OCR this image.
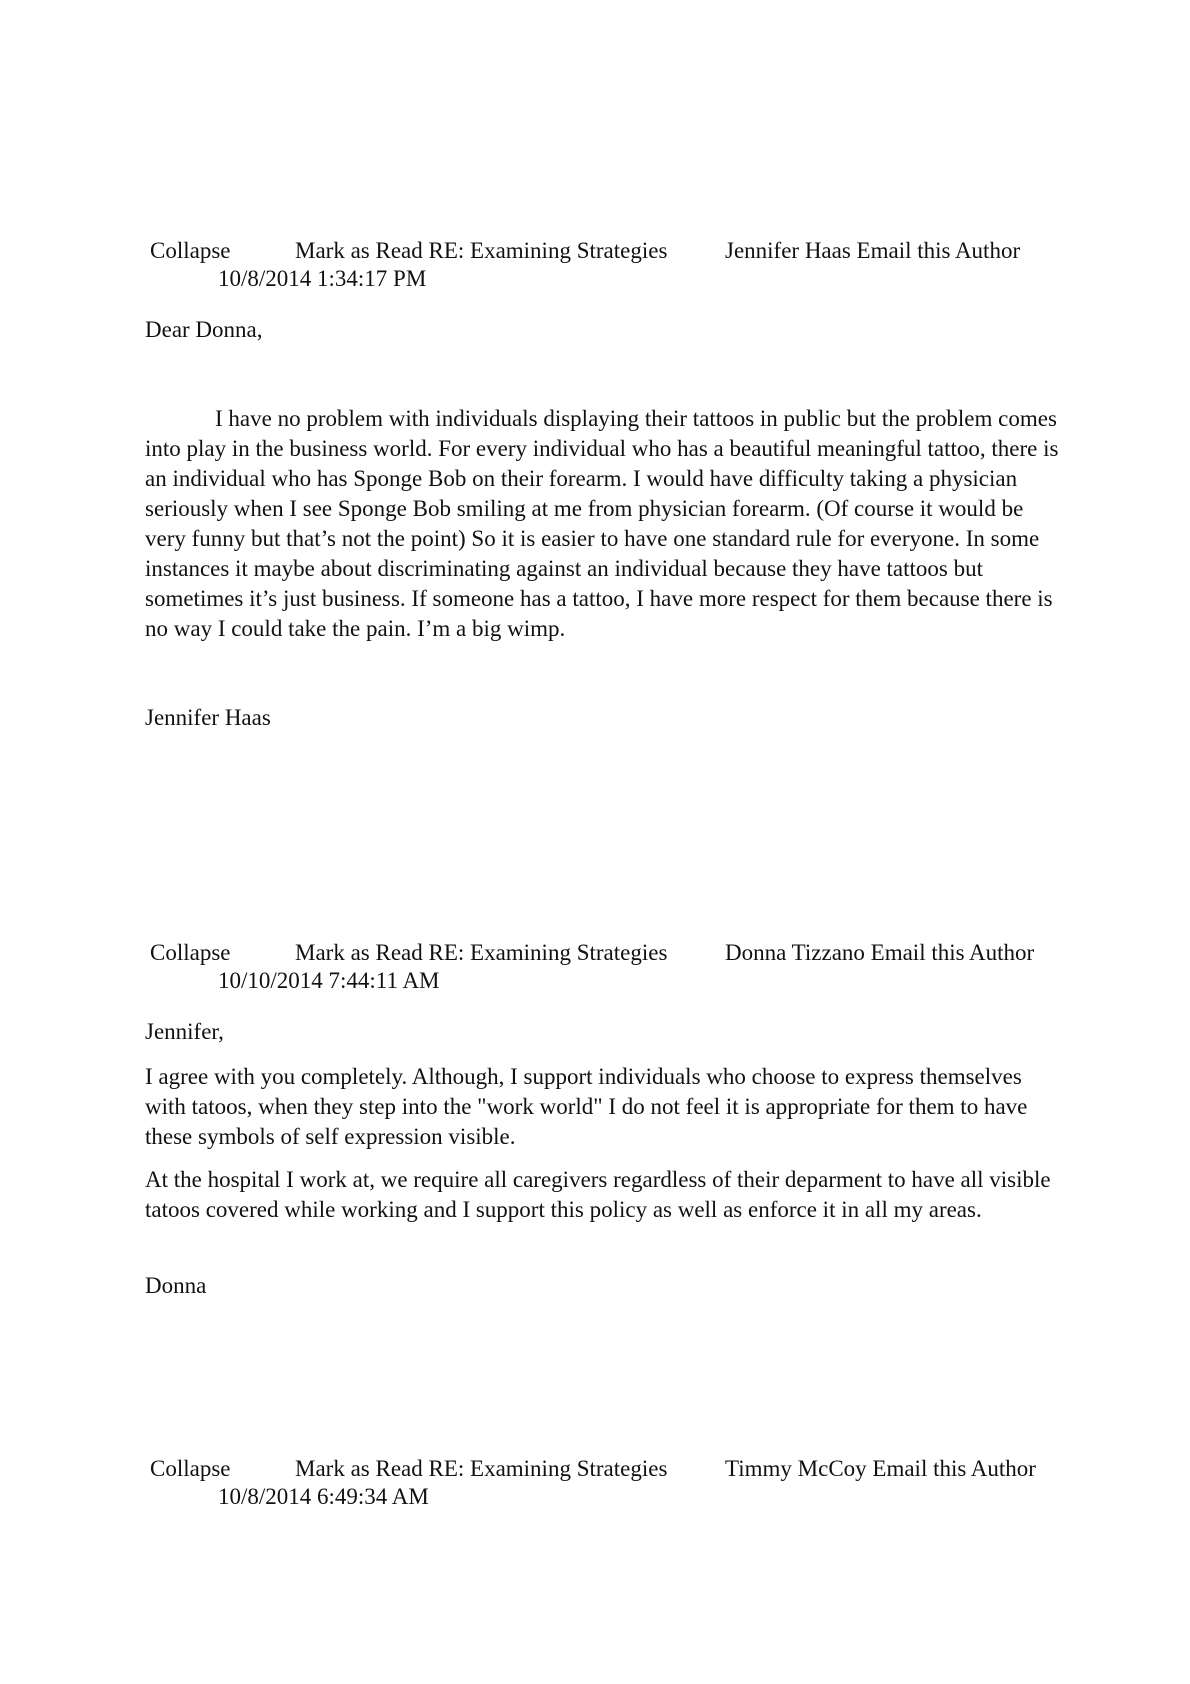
Collapse	Mark as Read RE: Examining Strategies	Jennifer Haas Email this Author
10/8/2014 1:34:17 PM
Dear Donna,

I have no problem with individuals displaying their tattoos in public but the problem comes into play in the business world. For every individual who has a beautiful meaningful tattoo, there is an individual who has Sponge Bob on their forearm. I would have difficulty taking a physician seriously when I see Sponge Bob smiling at me from physician forearm. (Of course it would be very funny but that’s not the point) So it is easier to have one standard rule for everyone. In some instances it maybe about discriminating against an individual because they have tattoos but sometimes it’s just business. If someone has a tattoo, I have more respect for them because there is no way I could take the pain. I’m a big wimp.

Jennifer Haas
Collapse	Mark as Read RE: Examining Strategies	Donna Tizzano Email this Author
10/10/2014 7:44:11 AM
Jennifer,

I agree with you completely. Although, I support individuals who choose to express themselves with tatoos, when they step into the "work world" I do not feel it is appropriate for them to have these symbols of self expression visible.

At the hospital I work at, we require all caregivers regardless of their deparment to have all visible tatoos covered while working and I support this policy as well as enforce it in all my areas.

Donna
Collapse	Mark as Read RE: Examining Strategies	Timmy McCoy Email this Author
10/8/2014 6:49:34 AM
